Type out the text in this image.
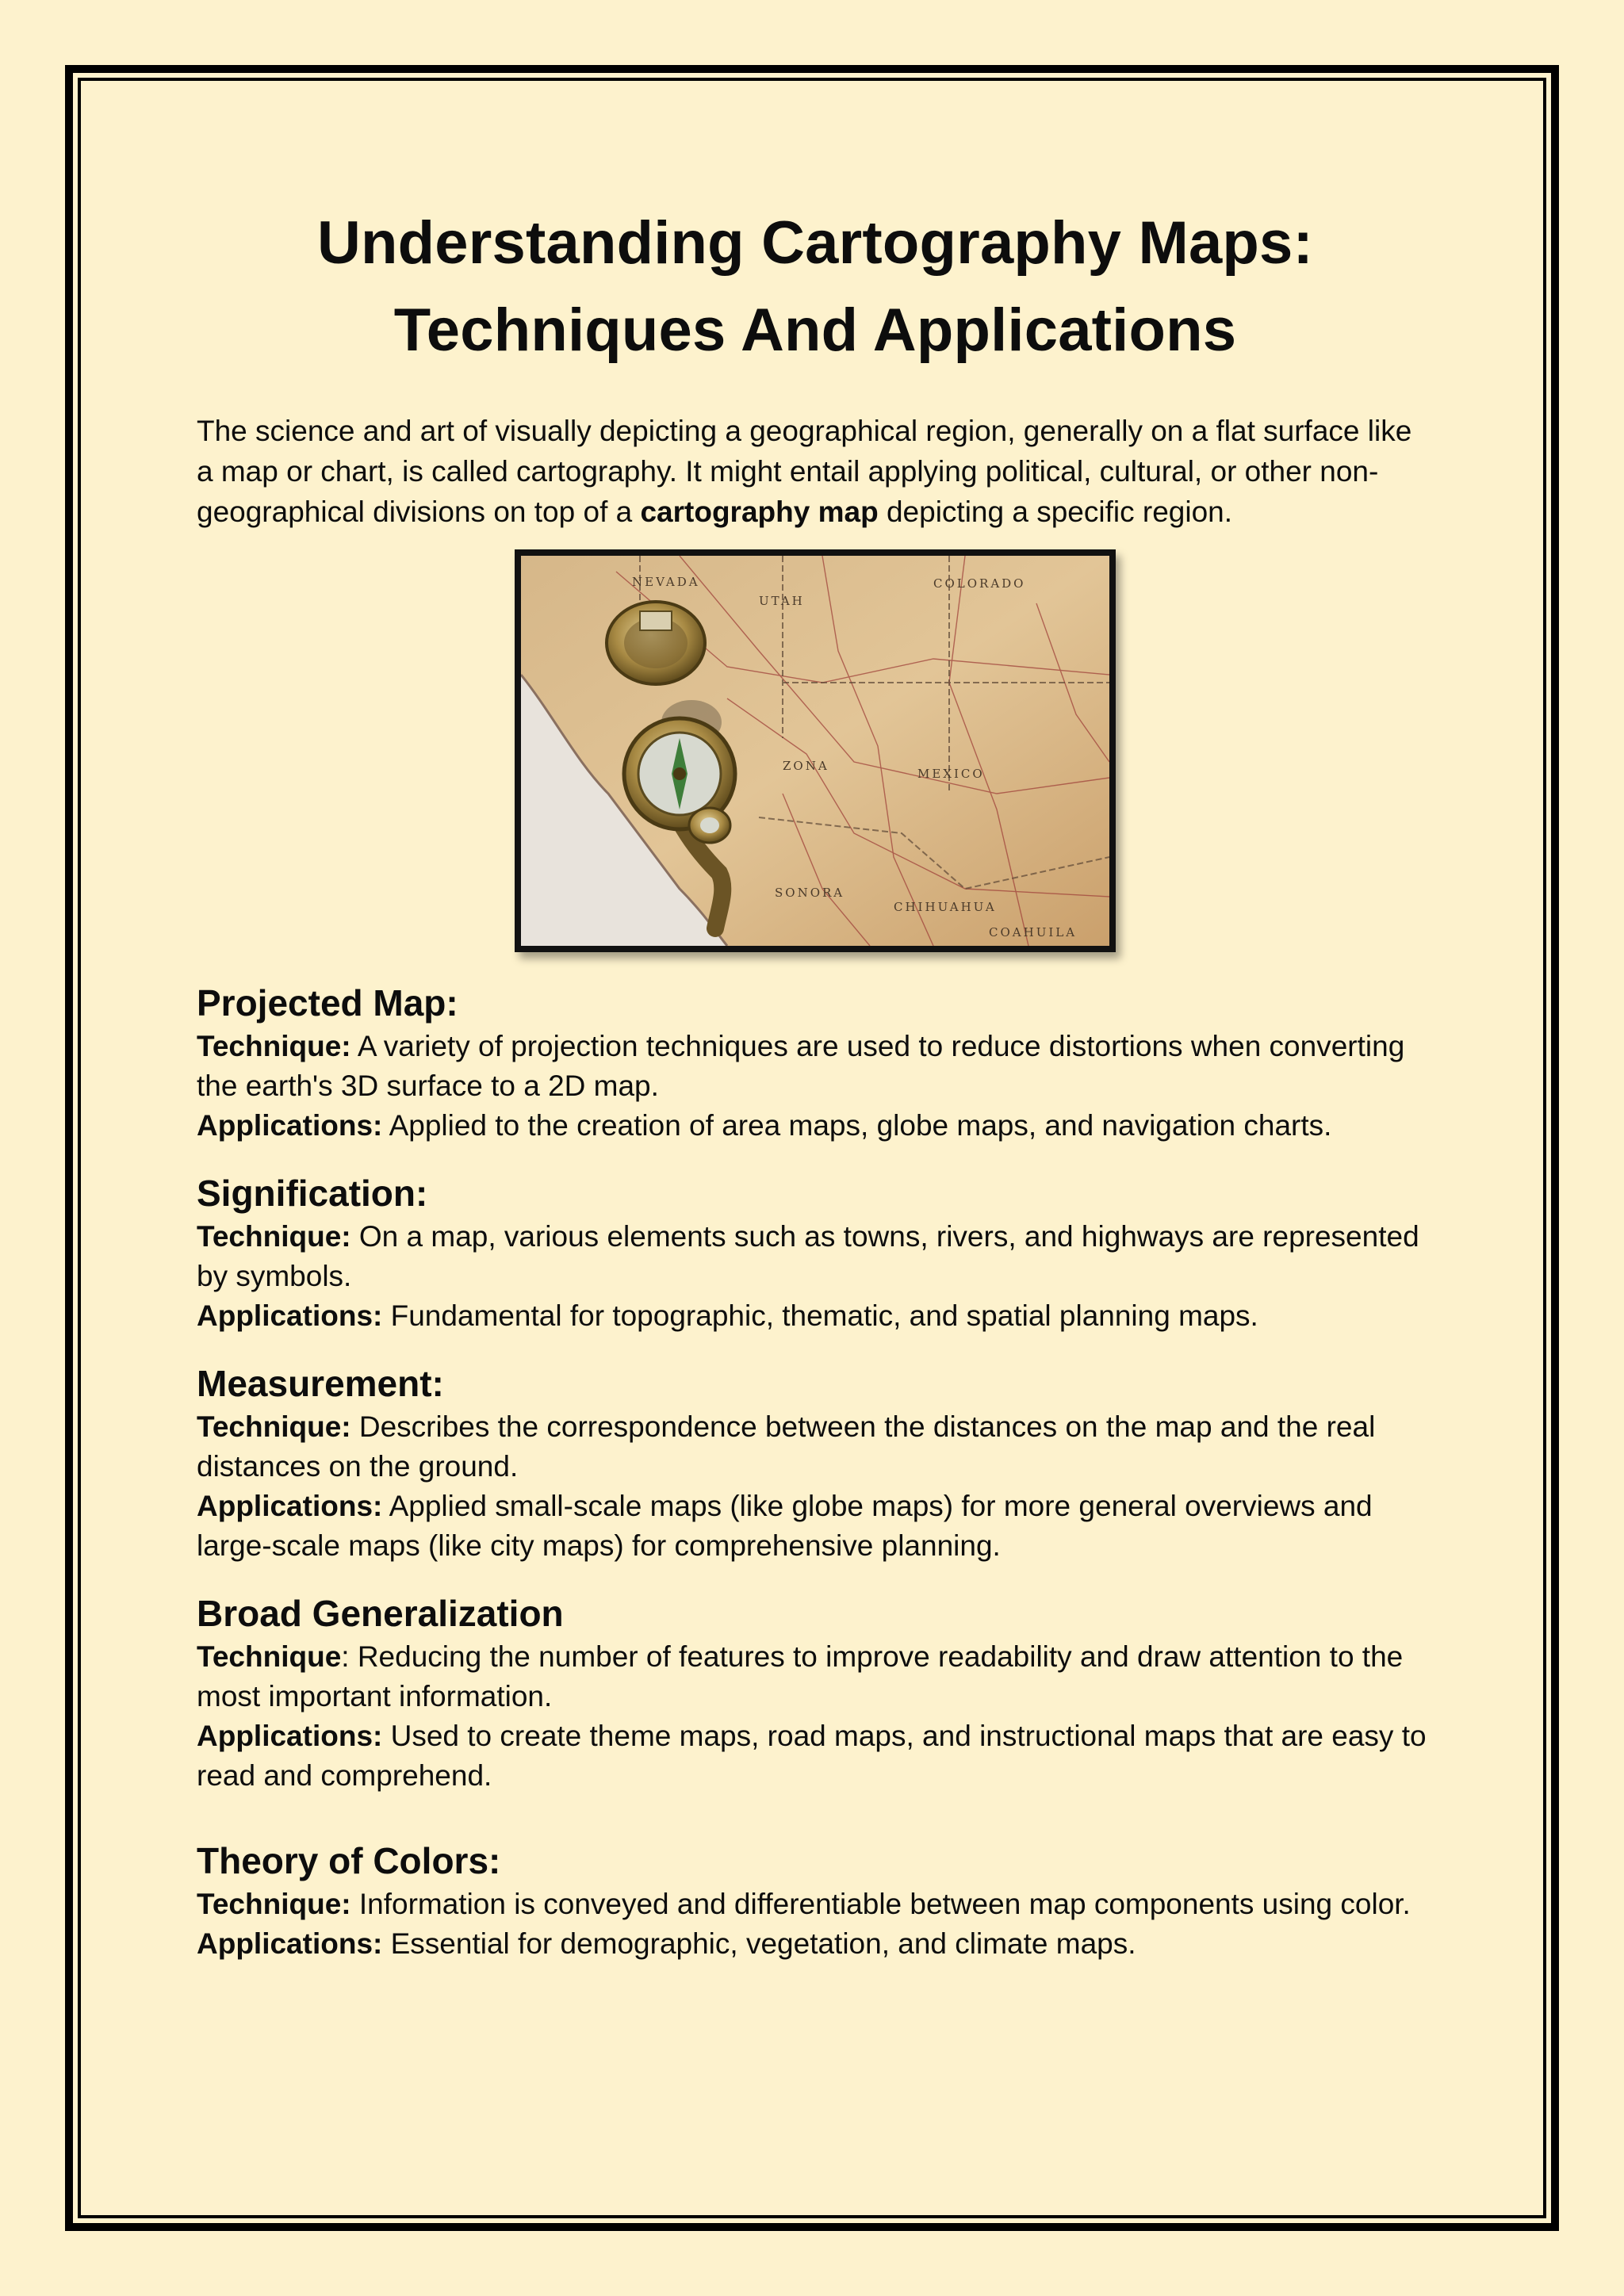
Understanding Cartography Maps:
Techniques And Applications

The science and art of visually depicting a geographical region, generally on a flat surface like a map or chart, is called cartography. It might entail applying political, cultural, or other non-geographical divisions on top of a cartography map depicting a specific region.

NEVADA
UTAH
COLORADO
ZONA
MEXICO
SONORA
CHIHUAHUA
COAHUILA
Projected Map:

Technique: A variety of projection techniques are used to reduce distortions when converting the earth's 3D surface to a 2D map.

Applications: Applied to the creation of area maps, globe maps, and navigation charts.

Signification:

Technique: On a map, various elements such as towns, rivers, and highways are represented by symbols.

Applications: Fundamental for topographic, thematic, and spatial planning maps.

Measurement:

Technique: Describes the correspondence between the distances on the map and the real distances on the ground.

Applications: Applied small-scale maps (like globe maps) for more general overviews and large-scale maps (like city maps) for comprehensive planning.

Broad Generalization

Technique: Reducing the number of features to improve readability and draw attention to the most important information.

Applications: Used to create theme maps, road maps, and instructional maps that are easy to read and comprehend.

Theory of Colors:

Technique: Information is conveyed and differentiable between map components using color.

Applications: Essential for demographic, vegetation, and climate maps.
